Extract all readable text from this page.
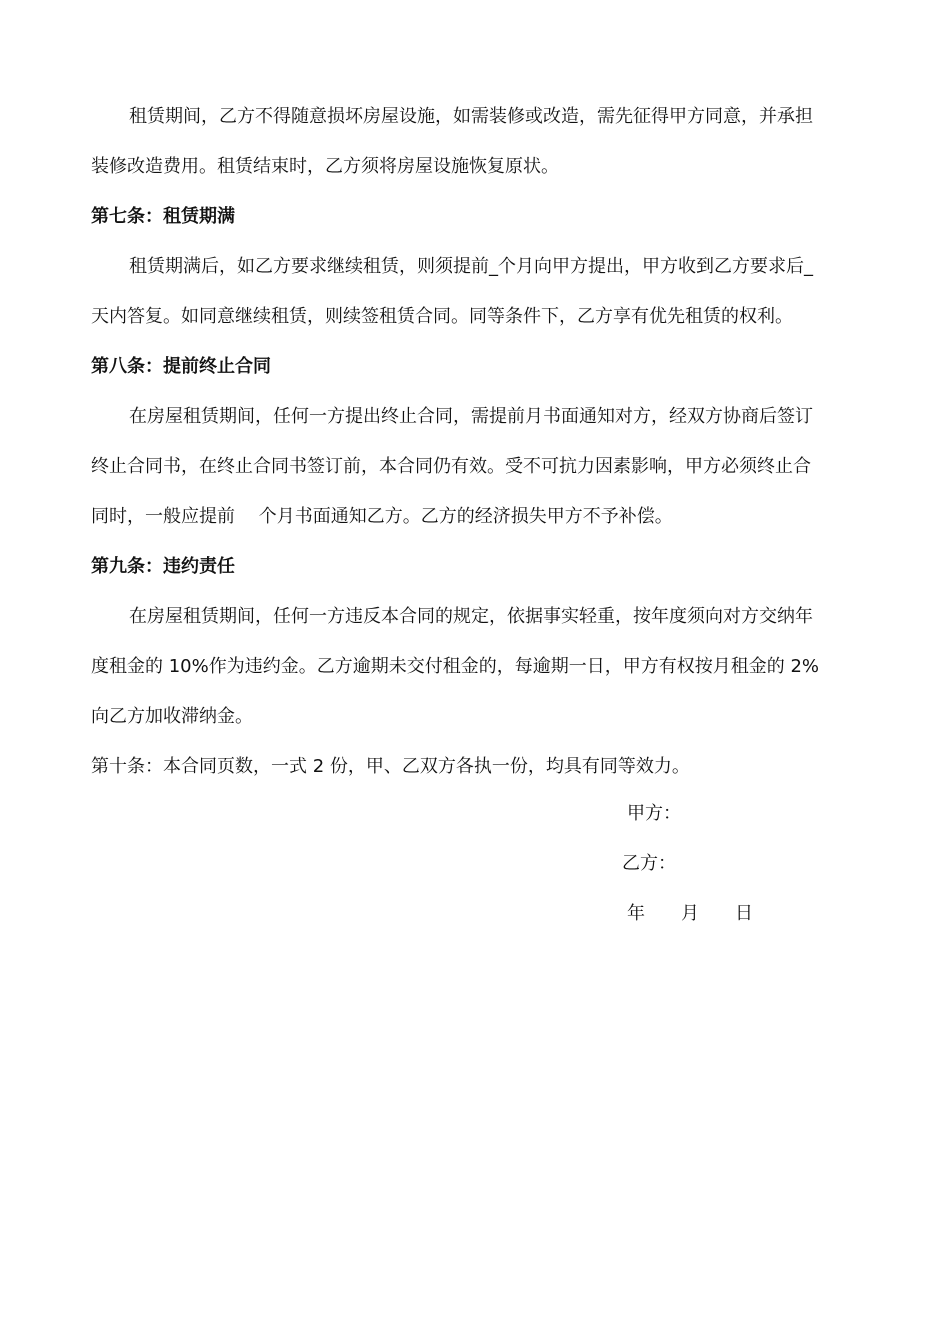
租赁期间，乙方不得随意损坏房屋设施，如需装修或改造，需先征得甲方同意，并承担
装修改造费用。租赁结束时，乙方须将房屋设施恢复原状。
第七条：租赁期满
租赁期满后，如乙方要求继续租赁，则须提前_个月向甲方提出，甲方收到乙方要求后_
天内答复。如同意继续租赁，则续签租赁合同。同等条件下，乙方享有优先租赁的权利。
第八条：提前终止合同
在房屋租赁期间，任何一方提出终止合同，需提前月书面通知对方，经双方协商后签订
终止合同书，在终止合同书签订前，本合同仍有效。受不可抗力因素影响，甲方必须终止合
同时，一般应提前　 个月书面通知乙方。乙方的经济损失甲方不予补偿。
第九条：违约责任
在房屋租赁期间，任何一方违反本合同的规定，依据事实轻重，按年度须向对方交纳年
度租金的 10%作为违约金。乙方逾期未交付租金的，每逾期一日，甲方有权按月租金的 2%
向乙方加收滞纳金。
第十条：本合同页数，一式 2 份，甲、乙双方各执一份，均具有同等效力。
甲方：
乙方：
年　　月　　日
